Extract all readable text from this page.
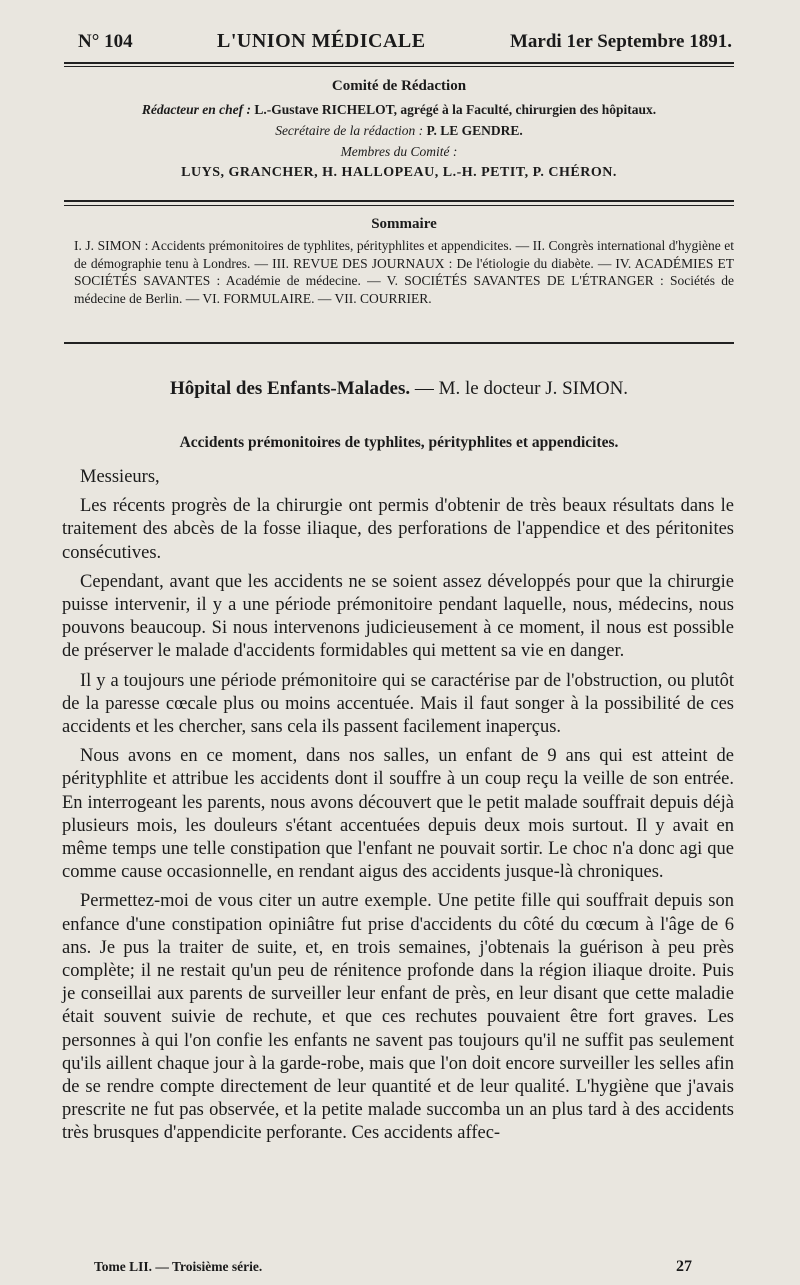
N° 104	L'UNION MÉDICALE	Mardi 1er Septembre 1891.
Comité de Rédaction
Rédacteur en chef : L.-Gustave RICHELOT, agrégé à la Faculté, chirurgien des hôpitaux.
Secrétaire de la rédaction : P. LE GENDRE.
Membres du Comité :
LUYS, GRANCHER, H. HALLOPEAU, L.-H. PETIT, P. CHÉRON.
Sommaire
I. J. SIMON : Accidents prémonitoires de typhlites, pérityphlites et appendicites. — II. Congrès international d'hygiène et de démographie tenu à Londres. — III. REVUE DES JOURNAUX : De l'étiologie du diabète. — IV. ACADÉMIES ET SOCIÉTÉS SAVANTES : Académie de médecine. — V. SOCIÉTÉS SAVANTES DE L'ÉTRANGER : Sociétés de médecine de Berlin. — VI. FORMULAIRE. — VII. COURRIER.
Hôpital des Enfants-Malades. — M. le docteur J. SIMON.
Accidents prémonitoires de typhlites, pérityphlites et appendicites.

Messieurs,

Les récents progrès de la chirurgie ont permis d'obtenir de très beaux résultats dans le traitement des abcès de la fosse iliaque, des perforations de l'appendice et des péritonites consécutives.

Cependant, avant que les accidents ne se soient assez développés pour que la chirurgie puisse intervenir, il y a une période prémonitoire pendant laquelle, nous, médecins, nous pouvons beaucoup. Si nous intervenons judicieusement à ce moment, il nous est possible de préserver le malade d'accidents formidables qui mettent sa vie en danger.

Il y a toujours une période prémonitoire qui se caractérise par de l'obstruction, ou plutôt de la paresse cœcale plus ou moins accentuée. Mais il faut songer à la possibilité de ces accidents et les chercher, sans cela ils passent facilement inaperçus.

Nous avons en ce moment, dans nos salles, un enfant de 9 ans qui est atteint de pérityphlite et attribue les accidents dont il souffre à un coup reçu la veille de son entrée. En interrogeant les parents, nous avons découvert que le petit malade souffrait depuis déjà plusieurs mois, les douleurs s'étant accentuées depuis deux mois surtout. Il y avait en même temps une telle constipation que l'enfant ne pouvait sortir. Le choc n'a donc agi que comme cause occasionnelle, en rendant aigus des accidents jusque-là chroniques.

Permettez-moi de vous citer un autre exemple. Une petite fille qui souffrait depuis son enfance d'une constipation opiniâtre fut prise d'accidents du côté du cœcum à l'âge de 6 ans. Je pus la traiter de suite, et, en trois semaines, j'obtenais la guérison à peu près complète; il ne restait qu'un peu de rénitence profonde dans la région iliaque droite. Puis je conseillai aux parents de surveiller leur enfant de près, en leur disant que cette maladie était souvent suivie de rechute, et que ces rechutes pouvaient être fort graves. Les personnes à qui l'on confie les enfants ne savent pas toujours qu'il ne suffit pas seulement qu'ils aillent chaque jour à la garde-robe, mais que l'on doit encore surveiller les selles afin de se rendre compte directement de leur quantité et de leur qualité. L'hygiène que j'avais prescrite ne fut pas observée, et la petite malade succomba un an plus tard à des accidents très brusques d'appendicite perforante. Ces accidents affec-

Tome LII. — Troisième série.	27
